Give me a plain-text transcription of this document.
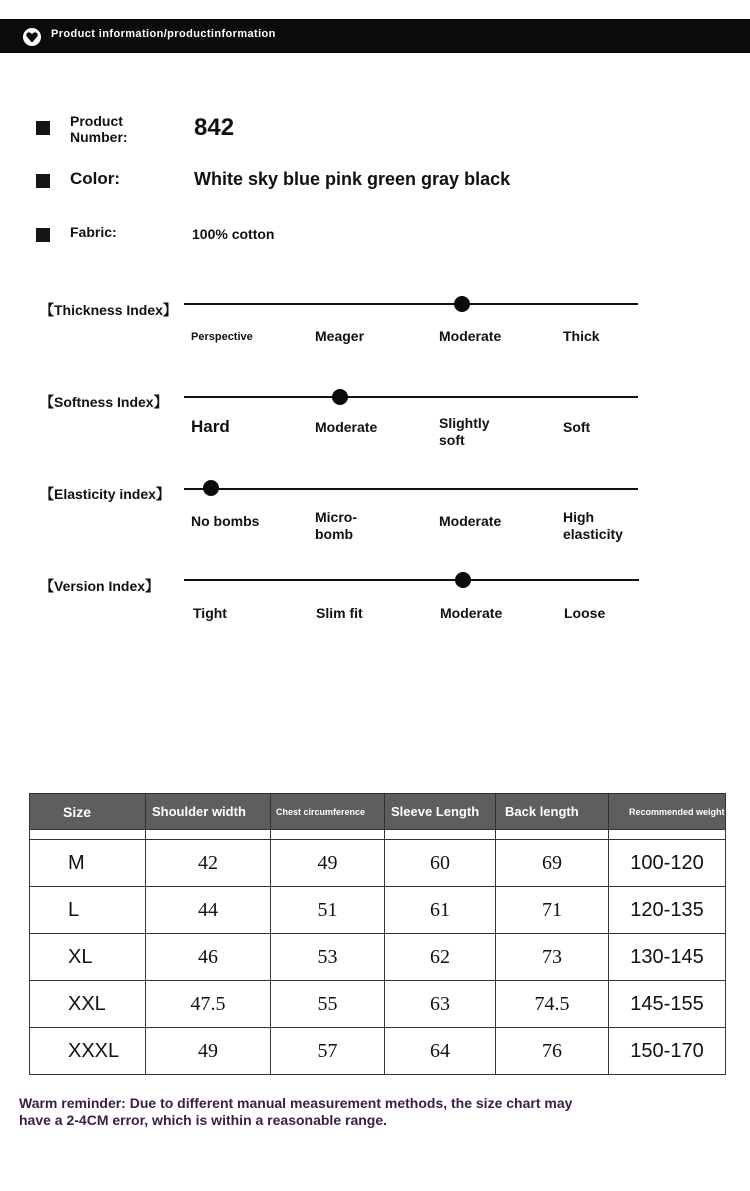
Product information/productinformation
Product Number:	842
Color:	White sky blue pink green gray black
Fabric:	100% cotton
【Thickness Index】
Perspective	Meager	Moderate	Thick
【Softness Index】
Hard	Moderate	Slightly soft
Soft
【Elasticity index】
No bombs	Micro-bomb
Moderate	High elasticity
【Version Index】
Tight	Slim fit	Moderate	Loose
Size	Shoulder width	Chest circumference	Sleeve Length	Back length	Recommended weight

M	42	49	60	69	100-120
L	44	51	61	71	120-135
XL	46	53	62	73	130-145
XXL	47.5	55	63	74.5	145-155
XXXL	49	57	64	76	150-170
Warm reminder: Due to different manual measurement methods, the size chart may have a 2-4CM error, which is within a reasonable range.
